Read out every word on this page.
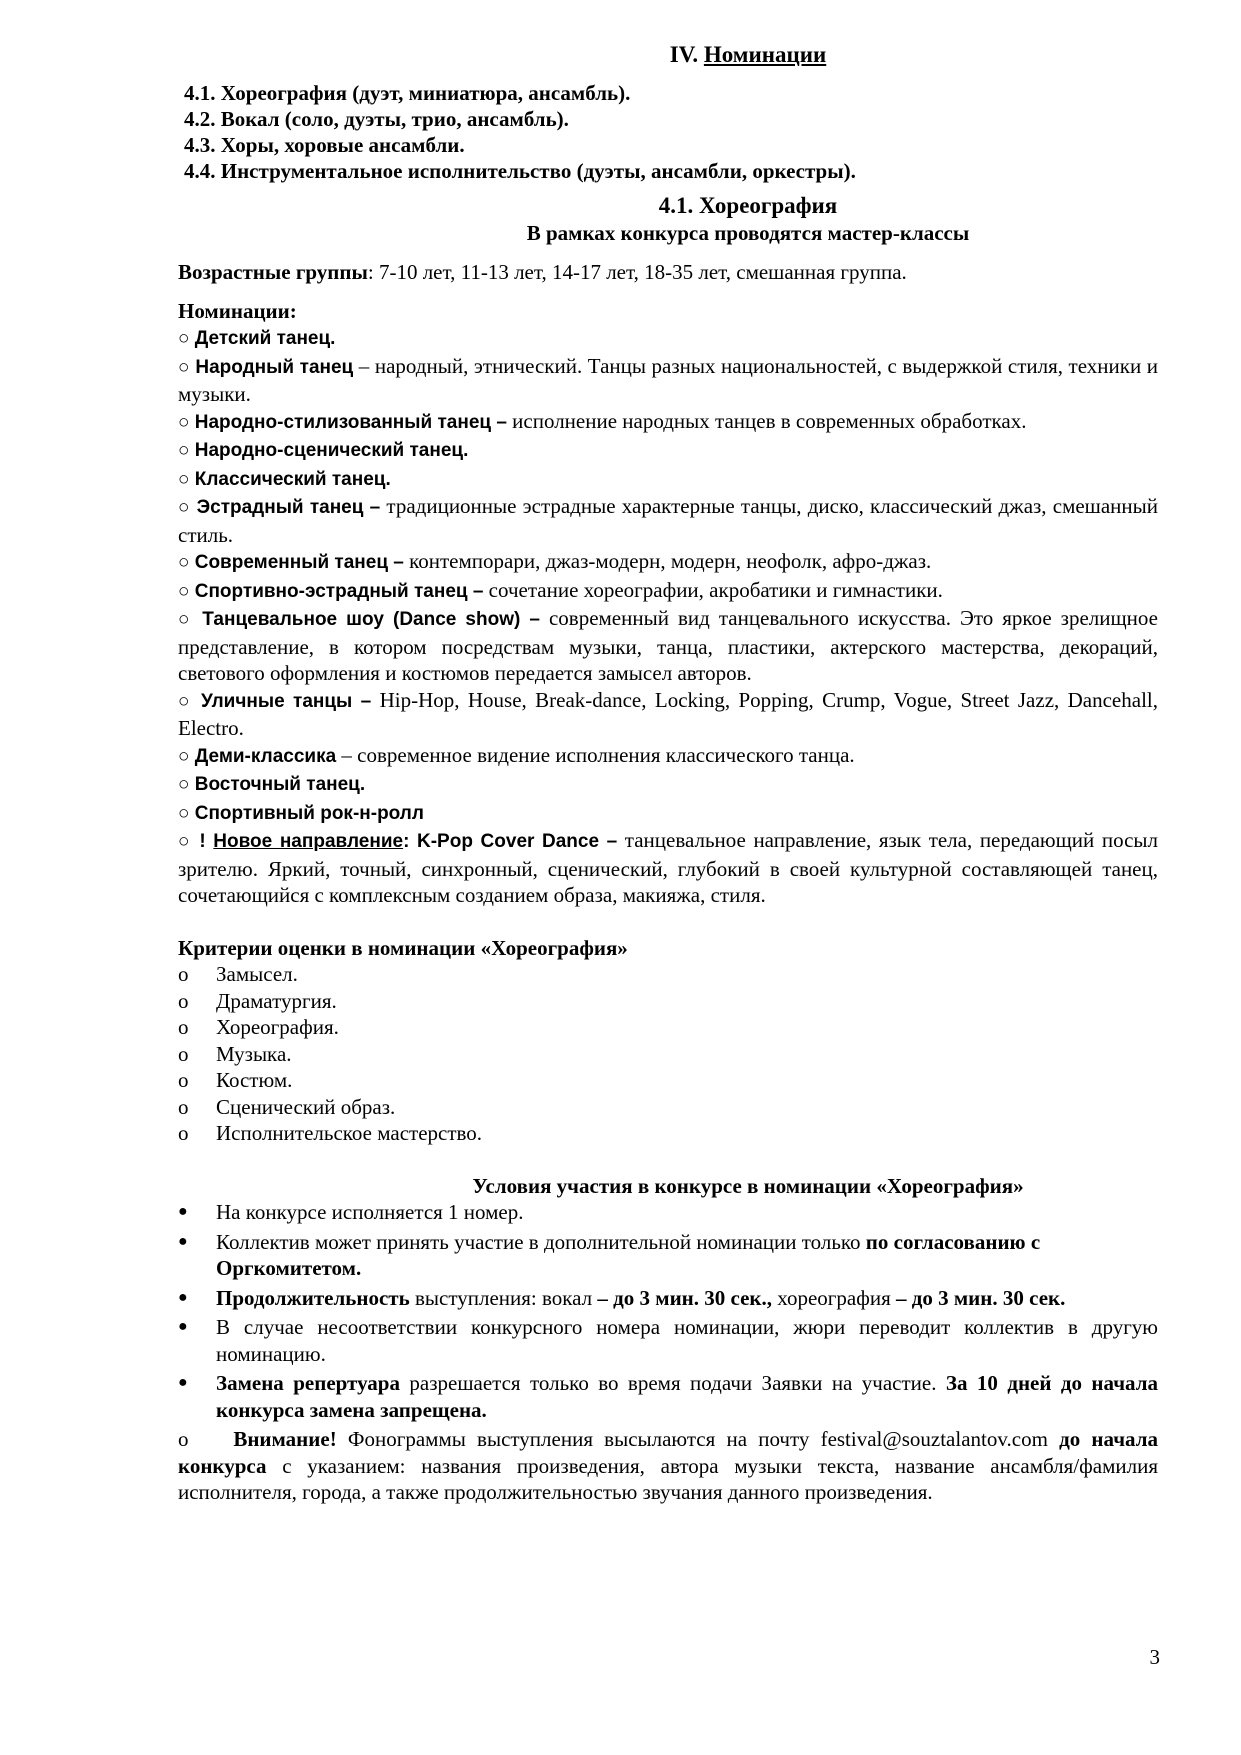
IV. Номинации
4.1. Хореография (дуэт, миниатюра, ансамбль).
4.2. Вокал (соло, дуэты, трио, ансамбль).
4.3. Хоры, хоровые ансамбли.
4.4. Инструментальное исполнительство (дуэты, ансамбли, оркестры).
4.1. Хореография
В рамках конкурса проводятся мастер-классы
Возрастные группы: 7-10 лет, 11-13 лет, 14-17 лет, 18-35 лет, смешанная группа.
Номинации:

○ Детский танец.

○ Народный танец – народный, этнический. Танцы разных национальностей, с выдержкой стиля, техники и музыки.

○ Народно-стилизованный танец – исполнение народных танцев в современных обработках.

○ Народно-сценический танец.

○ Классический танец.

○ Эстрадный танец – традиционные эстрадные характерные танцы, диско, классический джаз, смешанный стиль.

○ Современный танец – контемпорари, джаз-модерн, модерн, неофолк, афро-джаз.

○ Спортивно-эстрадный танец – сочетание хореографии, акробатики и гимнастики.

○ Танцевальное шоу (Dance show) – современный вид танцевального искусства. Это яркое зрелищное представление, в котором посредствам музыки, танца, пластики, актерского мастерства, декораций, светового оформления и костюмов передается замысел авторов.

○ Уличные танцы – Hip-Hop, House, Break-dance, Locking, Popping, Crump, Vogue, Street Jazz, Dancehall, Electro.

○ Деми-классика – современное видение исполнения классического танца.

○ Восточный танец.

○ Спортивный рок-н-ролл

○ ! Новое направление: K-Pop Cover Dance – танцевальное направление, язык тела, передающий посыл зрителю. Яркий, точный, синхронный, сценический, глубокий в своей культурной составляющей танец, сочетающийся с комплексным созданием образа, макияжа, стиля.

Критерии оценки в номинации «Хореография»
o	Замысел.
o	Драматургия.
o	Хореография.
o	Музыка.
o	Костюм.
o	Сценический образ.
o	Исполнительское мастерство.
Условия участия в конкурсе в номинации «Хореография»
●	На конкурсе исполняется 1 номер.
●	Коллектив может принять участие в дополнительной номинации только по согласованию с Оргкомитетом.
●	Продолжительность выступления: вокал – до 3 мин. 30 сек., хореография – до 3 мин. 30 сек.
●	В случае несоответствии конкурсного номера номинации, жюри переводит коллектив в другую номинацию.
●	Замена репертуара разрешается только во время подачи Заявки на участие. За 10 дней до начала конкурса замена запрещена.

o Внимание! Фонограммы выступления высылаются на почту festival@souztalantov.com до начала конкурса с указанием: названия произведения, автора музыки текста, название ансамбля/фамилия исполнителя, города, а также продолжительностью звучания данного произведения.

3
